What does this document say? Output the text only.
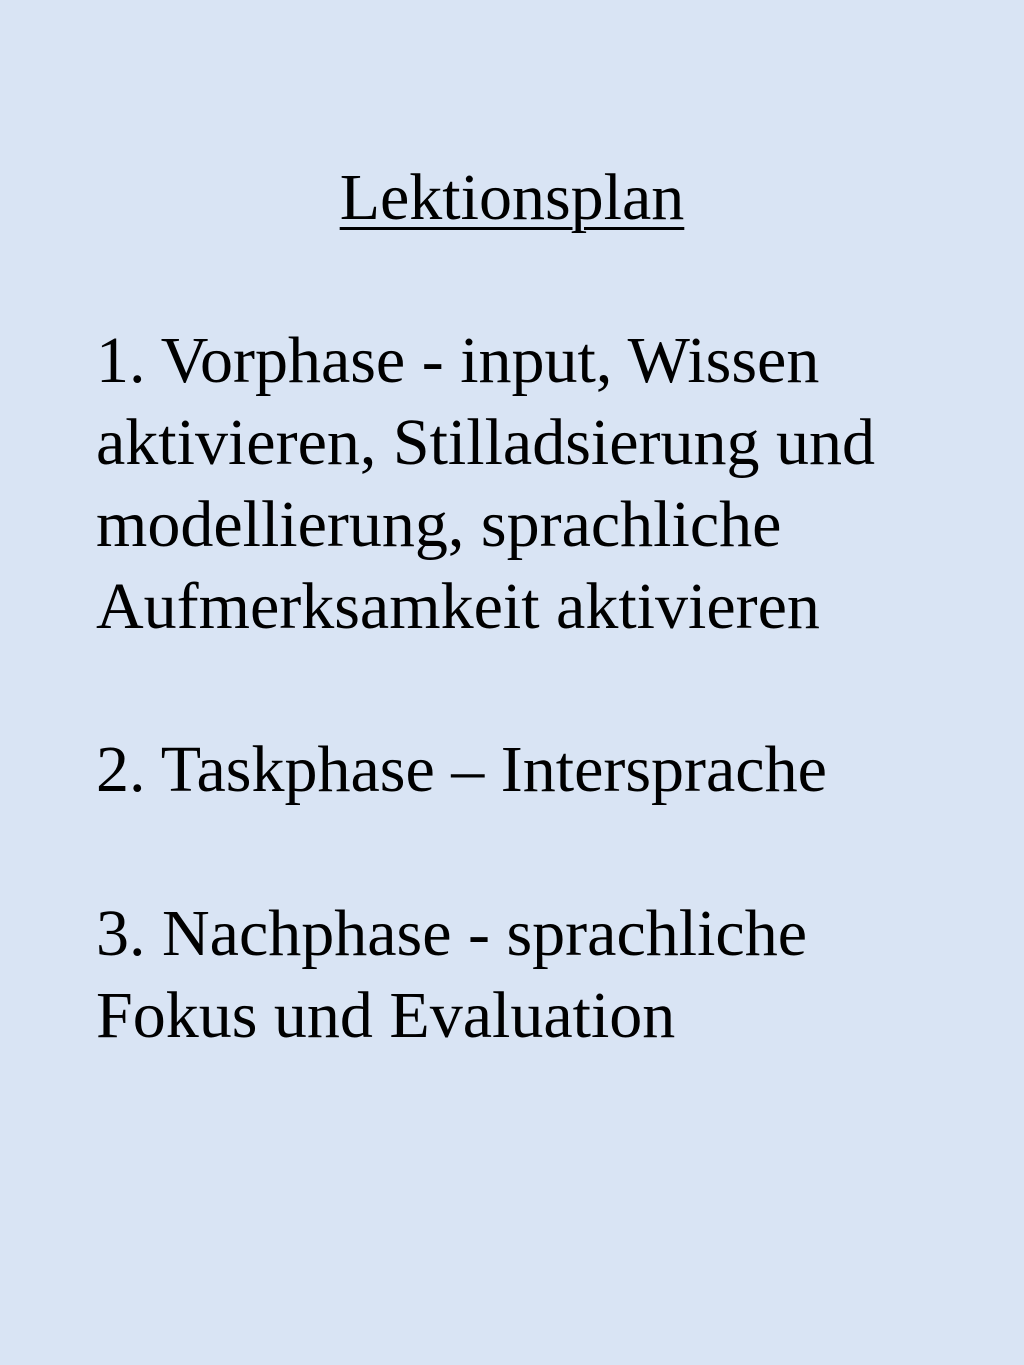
Lektionsplan
1. Vorphase - input, Wissen
aktivieren, Stilladsierung und
modellierung, sprachliche
Aufmerksamkeit aktivieren
2. Taskphase – Intersprache
3. Nachphase - sprachliche
Fokus und Evaluation
